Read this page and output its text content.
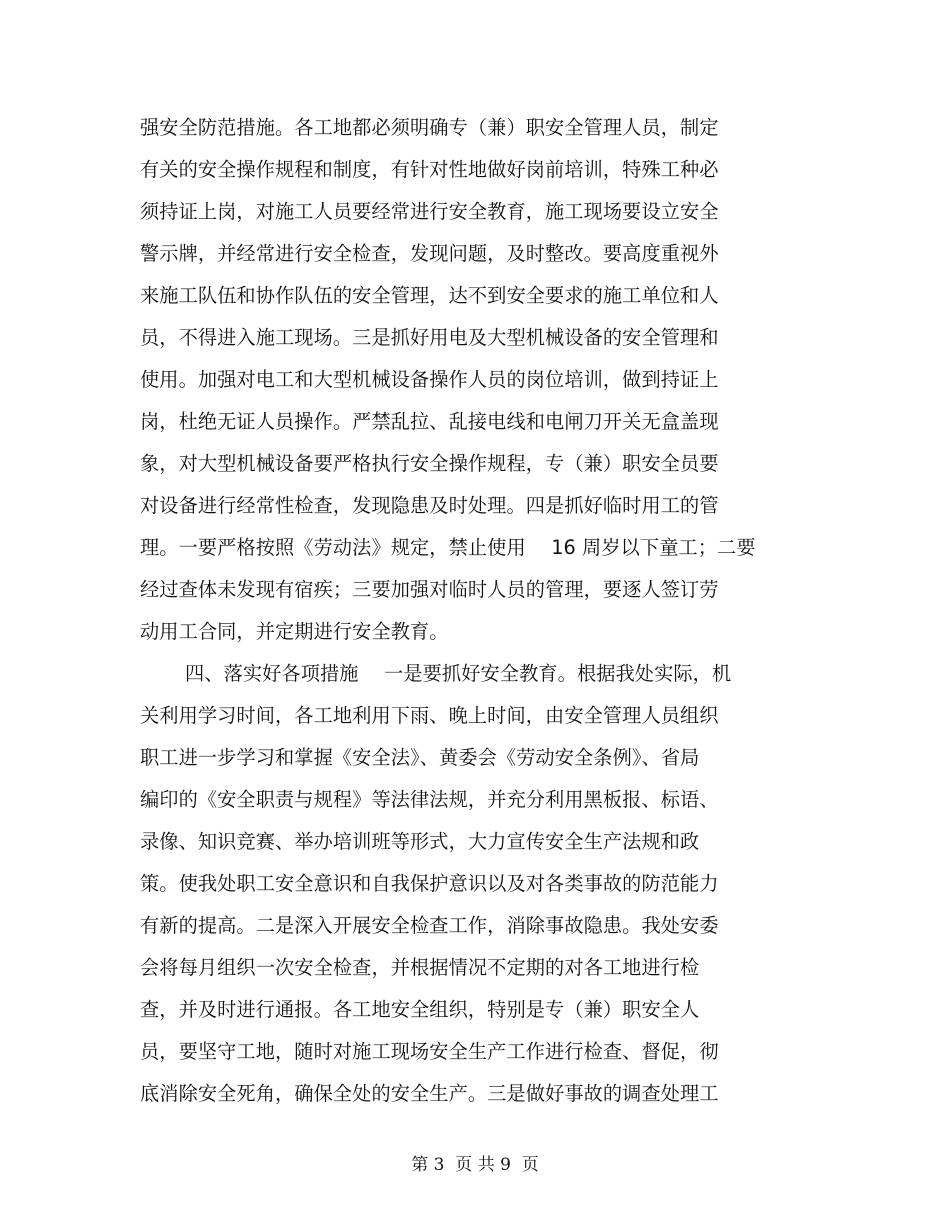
强安全防范措施。各工地都必须明确专（兼）职安全管理人员，制定
有关的安全操作规程和制度，有针对性地做好岗前培训，特殊工种必
须持证上岗，对施工人员要经常进行安全教育，施工现场要设立安全
警示牌，并经常进行安全检查，发现问题，及时整改。要高度重视外
来施工队伍和协作队伍的安全管理，达不到安全要求的施工单位和人
员，不得进入施工现场。三是抓好用电及大型机械设备的安全管理和
使用。加强对电工和大型机械设备操作人员的岗位培训，做到持证上
岗，杜绝无证人员操作。严禁乱拉、乱接电线和电闸刀开关无盒盖现
象，对大型机械设备要严格执行安全操作规程，专（兼）职安全员要
对设备进行经常性检查，发现隐患及时处理。四是抓好临时用工的管
理。一要严格按照《劳动法》规定，禁止使用　 16 周岁以下童工；二要
经过查体未发现有宿疾；三要加强对临时人员的管理，要逐人签订劳
动用工合同，并定期进行安全教育。
四、落实好各项措施　 一是要抓好安全教育。根据我处实际，机
关利用学习时间，各工地利用下雨、晚上时间，由安全管理人员组织
职工进一步学习和掌握《安全法》、黄委会《劳动安全条例》、省局
编印的《安全职责与规程》等法律法规，并充分利用黑板报、标语、
录像、知识竞赛、举办培训班等形式，大力宣传安全生产法规和政
策。使我处职工安全意识和自我保护意识以及对各类事故的防范能力
有新的提高。二是深入开展安全检查工作，消除事故隐患。我处安委
会将每月组织一次安全检查，并根据情况不定期的对各工地进行检
查，并及时进行通报。各工地安全组织，特别是专（兼）职安全人
员，要坚守工地，随时对施工现场安全生产工作进行检查、督促，彻
底消除安全死角，确保全处的安全生产。三是做好事故的调查处理工
第 3  页 共 9  页
